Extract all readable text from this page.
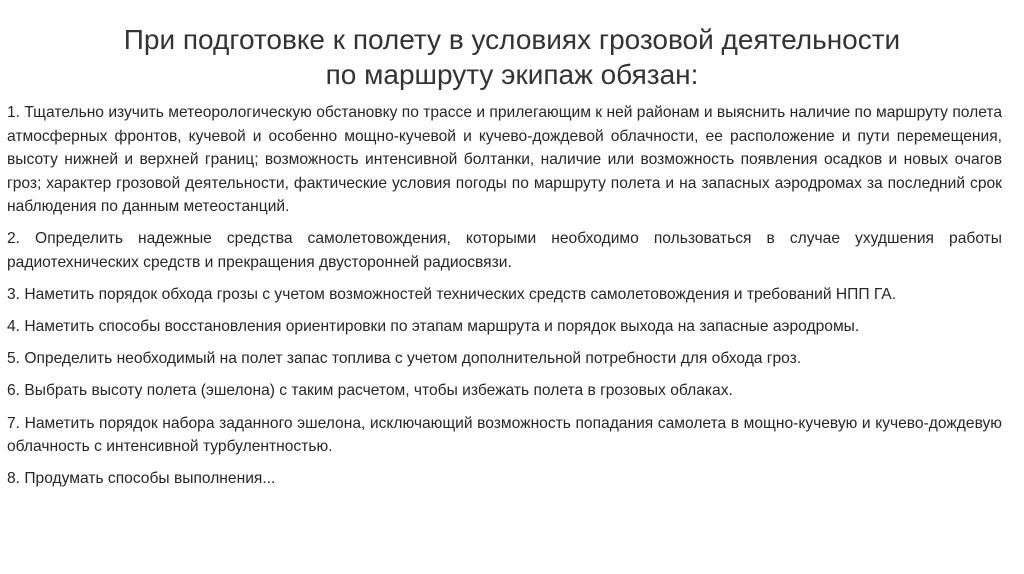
При подготовке к полету в условиях грозовой деятельности
по маршруту экипаж обязан:
1. Тщательно изучить метеорологическую обстановку по трассе и прилегающим к ней районам и выяснить наличие по маршруту полета атмосферных фронтов, кучевой и особенно мощно-кучевой и кучево-дождевой облачности, ее расположение и пути перемещения, высоту нижней и верхней границ; возможность интенсивной болтанки, наличие или возможность появления осадков и новых очагов гроз; характер грозовой деятельности, фактические условия погоды по маршруту полета и на запасных аэродромах за последний срок наблюдения по данным метеостанций.
2. Определить надежные средства самолетовождения, которыми необходимо пользоваться в случае ухудшения работы радиотехнических средств и прекращения двусторонней радиосвязи.
3. Наметить порядок обхода грозы с учетом возможностей технических средств самолетовождения и требований НПП ГА.
4. Наметить способы восстановления ориентировки по этапам маршрута и порядок выхода на запасные аэродромы.
5. Определить необходимый на полет запас топлива с учетом дополнительной потребности для обхода гроз.
6. Выбрать высоту полета (эшелона) с таким расчетом, чтобы избежать полета в грозовых облаках.
7. Наметить порядок набора заданного эшелона, исключающий возможность попадания самолета в мощно-кучевую и кучево-дождевую облачность с интенсивной турбулентностью.
8. Продумать способы выполнения...
